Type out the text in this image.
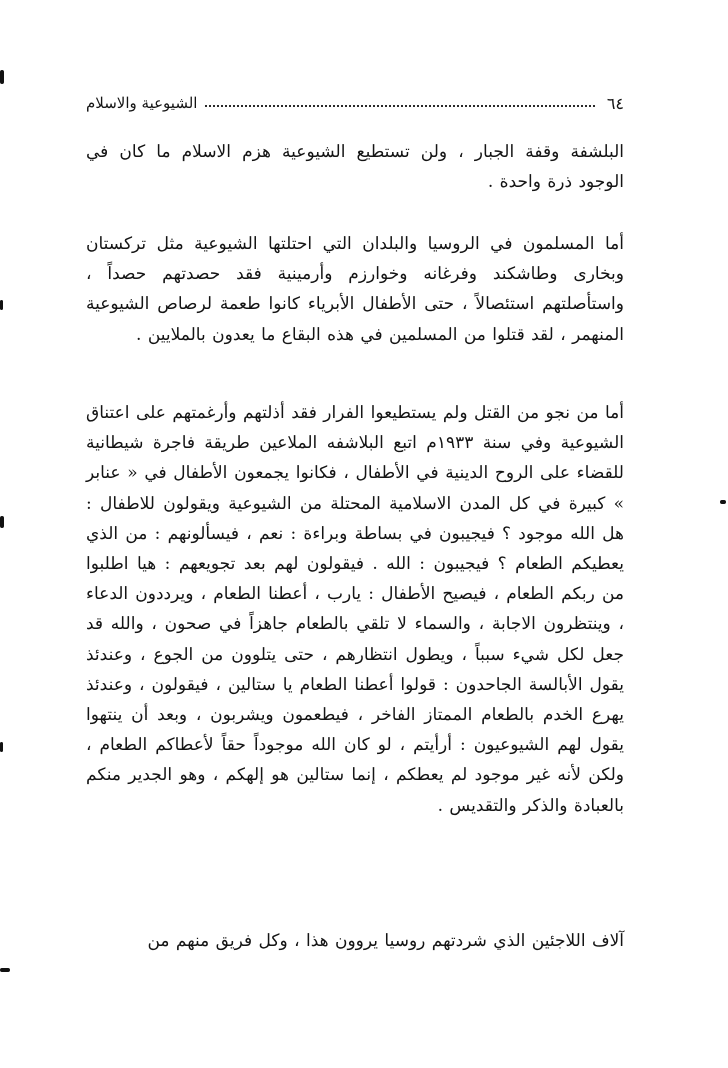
٦٤
الشيوعية والاسلام

البلشفة وقفة الجبار ، ولن تستطيع الشيوعية هزم الاسلام ما كان في الوجود ذرة واحدة .

أما المسلمون في الروسيا والبلدان التي احتلتها الشيوعية مثل تركستان وبخارى وطاشكند وفرغانه وخوارزم وأرمينية فقد حصدتهم حصداً ، واستأصلتهم استئصالاً ، حتى الأطفال الأبرياء كانوا طعمة لرصاص الشيوعية المنهمر ، لقد قتلوا من المسلمين في هذه البقاع ما يعدون بالملايين .

أما من نجو من القتل ولم يستطيعوا الفرار فقد أذلتهم وأرغمتهم على اعتناق الشيوعية وفي سنة ١٩٣٣م اتبع البلاشفه الملاعين طريقة فاجرة شيطانية للقضاء على الروح الدينية في الأطفال ، فكانوا يجمعون الأطفال في « عنابر » كبيرة في كل المدن الاسلامية المحتلة من الشيوعية ويقولون للاطفال : هل الله موجود ؟ فيجيبون في بساطة وبراءة : نعم ، فيسألونهم : من الذي يعطيكم الطعام ؟ فيجيبون : الله . فيقولون لهم بعد تجويعهم : هيا اطلبوا من ربكم الطعام ، فيصيح الأطفال : يارب ، أعطنا الطعام ، ويرددون الدعاء ، وينتظرون الاجابة ، والسماء لا تلقي بالطعام جاهزاً في صحون ، والله قد جعل لكل شيء سبباً ، ويطول انتظارهم ، حتى يتلوون من الجوع ، وعندئذ يقول الأبالسة الجاحدون : قولوا أعطنا الطعام يا ستالين ، فيقولون ، وعندئذ يهرع الخدم بالطعام الممتاز الفاخر ، فيطعمون ويشربون ، وبعد أن ينتهوا يقول لهم الشيوعيون : أرأيتم ، لو كان الله موجوداً حقاً لأعطاكم الطعام ، ولكن لأنه غير موجود لم يعطكم ، إنما ستالين هو إلهكم ، وهو الجدير منكم بالعبادة والذكر والتقديس .

آلاف اللاجئين الذي شردتهم روسيا يروون هذا ، وكل فريق منهم من
